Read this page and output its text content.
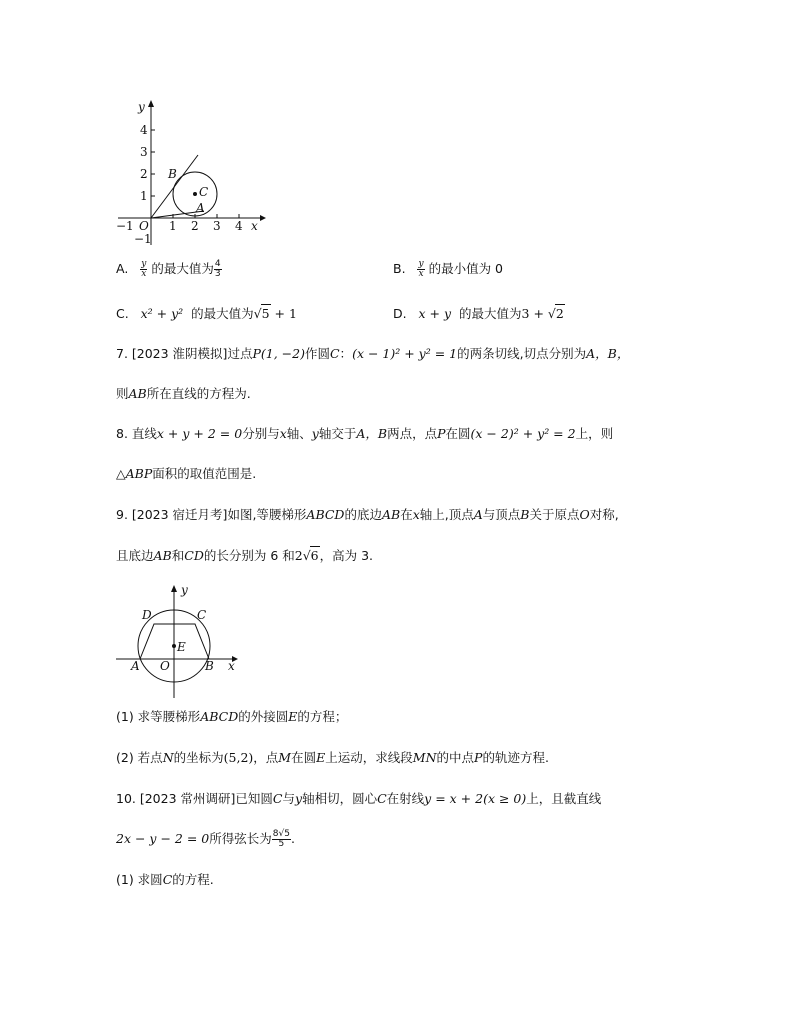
y
x
4
3
2
1
−1
−1 O 1 2 3 4
B
C
A
A. $\frac{y}{x}$ 的最大值为 $\frac{4}{3}$	B. $\frac{y}{x}$ 的最小值为 0
C. x² + y² 的最大值为√5 + 1	D. x + y 的最大值为3 + √2
7. [2023 淮阴模拟]过点P(1, −2)作圆C：(x − 1)² + y² = 1的两条切线,切点分别为A，B，
则AB所在直线的方程为.
8. 直线x + y + 2 = 0分别与x轴、y轴交于A，B两点，点P在圆(x − 2)² + y² = 2上，则
△ABP面积的取值范围是.
9. [2023 宿迁月考]如图,等腰梯形ABCD的底边AB在x轴上,顶点A与顶点B关于原点O对称,
且底边AB和CD的长分别为 6 和2√6，高为 3.
y
x
D	C
E
A O	B
(1) 求等腰梯形ABCD的外接圆E的方程；
(2) 若点N的坐标为(5,2)，点M在圆E上运动，求线段MN的中点P的轨迹方程.
10. [2023 常州调研]已知圆C与y轴相切，圆心C在射线y = x + 2(x ≥ 0)上，且截直线
2x − y − 2 = 0所得弦长为 $\frac{8√5}{5}$ .
(1) 求圆C的方程.
